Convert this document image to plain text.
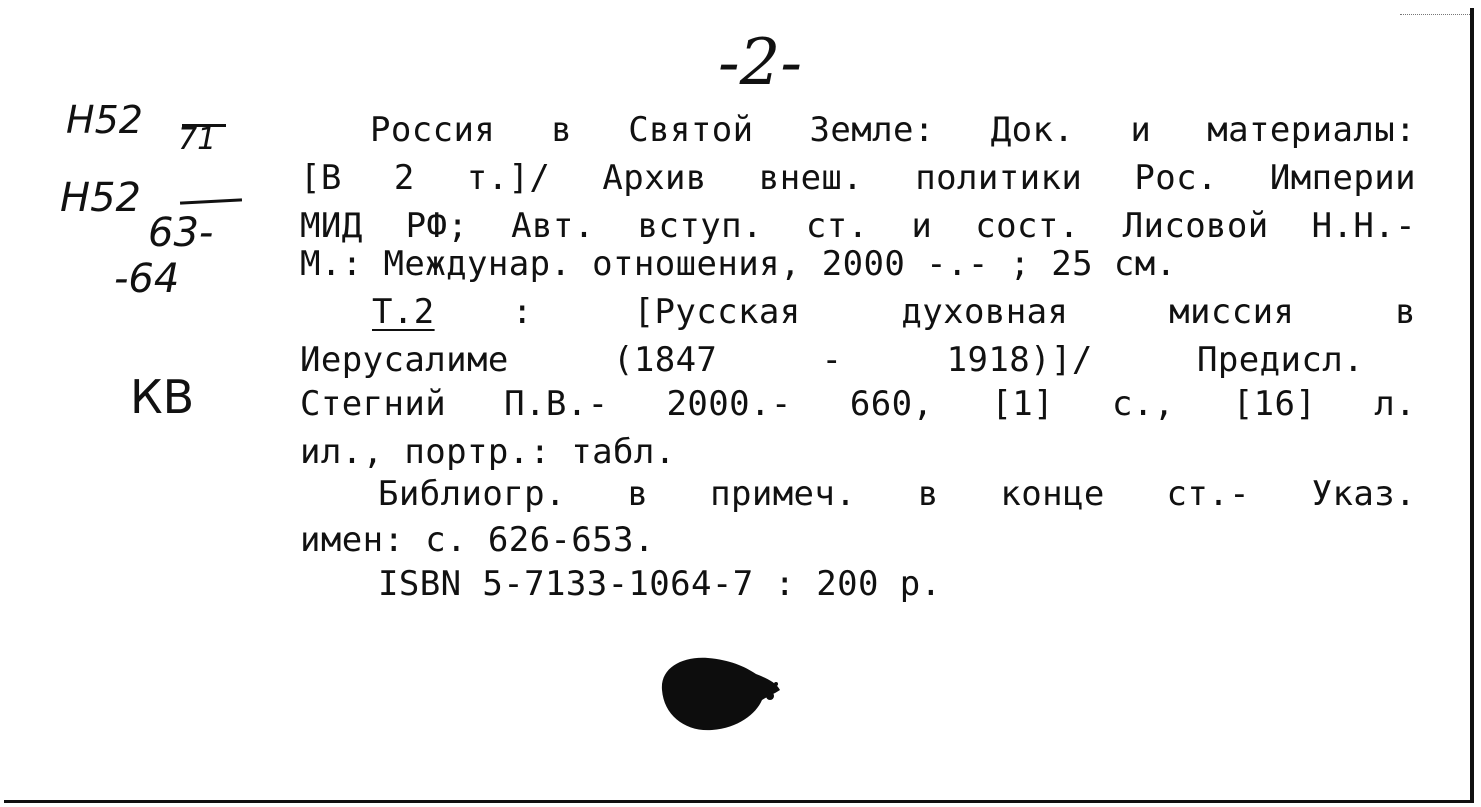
-2-
Н52 71
Н52
63-
-64
КВ
Россия в Святой Земле: Док. и материалы:
[В 2 т.]/ Архив внеш. политики Рос. Империи
МИД РФ; Авт. вступ. ст. и сост. Лисовой Н.Н.-
М.: Междунар. отношения, 2000 -.- ; 25 см.
Т.2	: [Русская духовная миссия в
Иерусалиме (1847 - 1918)]/ Предисл.
Стегний П.В.- 2000.- 660, [1] с., [16] л.
ил., портр.: табл.
Библиогр. в примеч. в конце ст.- Указ.
имен: с. 626-653.
ISBN 5-7133-1064-7 : 200 р.
